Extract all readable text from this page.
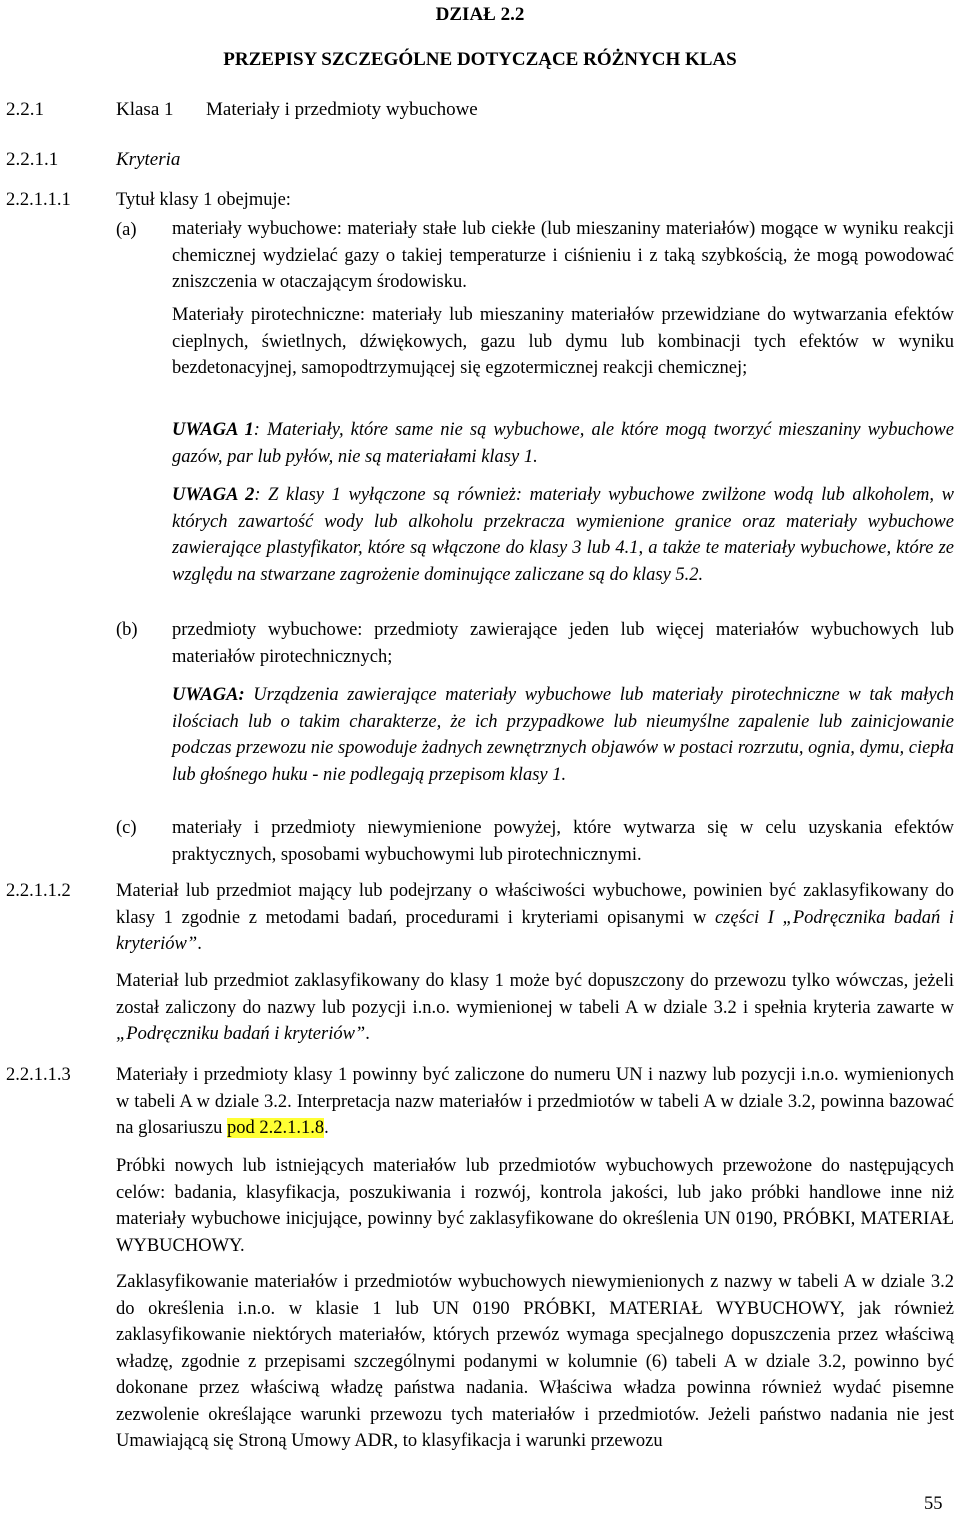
DZIAŁ 2.2
PRZEPISY SZCZEGÓLNE DOTYCZĄCE RÓŻNYCH KLAS
2.2.1	Klasa 1 Materiały i przedmioty wybuchowe
2.2.1.1	Kryteria
2.2.1.1.1 Tytuł klasy 1 obejmuje:
(a) materiały wybuchowe: materiały stałe lub ciekłe (lub mieszaniny materiałów) mogące w wyniku reakcji chemicznej wydzielać gazy o takiej temperaturze i ciśnieniu i z taką szybkością, że mogą powodować zniszczenia w otaczającym środowisku.
Materiały pirotechniczne: materiały lub mieszaniny materiałów przewidziane do wytwarzania efektów cieplnych, świetlnych, dźwiękowych, gazu lub dymu lub kombinacji tych efektów w wyniku bezdetonacyjnej, samopodtrzymującej się egzotermicznej reakcji chemicznej;
UWAGA 1: Materiały, które same nie są wybuchowe, ale które mogą tworzyć mieszaniny wybuchowe gazów, par lub pyłów, nie są materiałami klasy 1.
UWAGA 2: Z klasy 1 wyłączone są również: materiały wybuchowe zwilżone wodą lub alkoholem, w których zawartość wody lub alkoholu przekracza wymienione granice oraz materiały wybuchowe zawierające plastyfikator, które są włączone do klasy 3 lub 4.1, a także te materiały wybuchowe, które ze względu na stwarzane zagrożenie dominujące zaliczane są do klasy 5.2.
(b) przedmioty wybuchowe: przedmioty zawierające jeden lub więcej materiałów wybuchowych lub materiałów pirotechnicznych;
UWAGA: Urządzenia zawierające materiały wybuchowe lub materiały pirotechniczne w tak małych ilościach lub o takim charakterze, że ich przypadkowe lub nieumyślne zapalenie lub zainicjowanie podczas przewozu nie spowoduje żadnych zewnętrznych objawów w postaci rozrzutu, ognia, dymu, ciepła lub głośnego huku - nie podlegają przepisom klasy 1.
(c) materiały i przedmioty niewymienione powyżej, które wytwarza się w celu uzyskania efektów praktycznych, sposobami wybuchowymi lub pirotechnicznymi.
2.2.1.1.2 Materiał lub przedmiot mający lub podejrzany o właściwości wybuchowe, powinien być zaklasyfikowany do klasy 1 zgodnie z metodami badań, procedurami i kryteriami opisanymi w części I „Podręcznika badań i kryteriów”.
Materiał lub przedmiot zaklasyfikowany do klasy 1 może być dopuszczony do przewozu tylko wówczas, jeżeli został zaliczony do nazwy lub pozycji i.n.o. wymienionej w tabeli A w dziale 3.2 i spełnia kryteria zawarte w „Podręczniku badań i kryteriów”.
2.2.1.1.3 Materiały i przedmioty klasy 1 powinny być zaliczone do numeru UN i nazwy lub pozycji i.n.o. wymienionych w tabeli A w dziale 3.2. Interpretacja nazw materiałów i przedmiotów w tabeli A w dziale 3.2, powinna bazować na glosariuszu pod 2.2.1.1.8.
Próbki nowych lub istniejących materiałów lub przedmiotów wybuchowych przewożone do następujących celów: badania, klasyfikacja, poszukiwania i rozwój, kontrola jakości, lub jako próbki handlowe inne niż materiały wybuchowe inicjujące, powinny być zaklasyfikowane do określenia UN 0190, PRÓBKI, MATERIAŁ WYBUCHOWY.
Zaklasyfikowanie materiałów i przedmiotów wybuchowych niewymienionych z nazwy w tabeli A w dziale 3.2 do określenia i.n.o. w klasie 1 lub UN 0190 PRÓBKI, MATERIAŁ WYBUCHOWY, jak również zaklasyfikowanie niektórych materiałów, których przewóz wymaga specjalnego dopuszczenia przez właściwą władzę, zgodnie z przepisami szczególnymi podanymi w kolumnie (6) tabeli A w dziale 3.2, powinno być dokonane przez właściwą władzę państwa nadania. Właściwa władza powinna również wydać pisemne zezwolenie określające warunki przewozu tych materiałów i przedmiotów. Jeżeli państwo nadania nie jest Umawiającą się Stroną Umowy ADR, to klasyfikacja i warunki przewozu
55
